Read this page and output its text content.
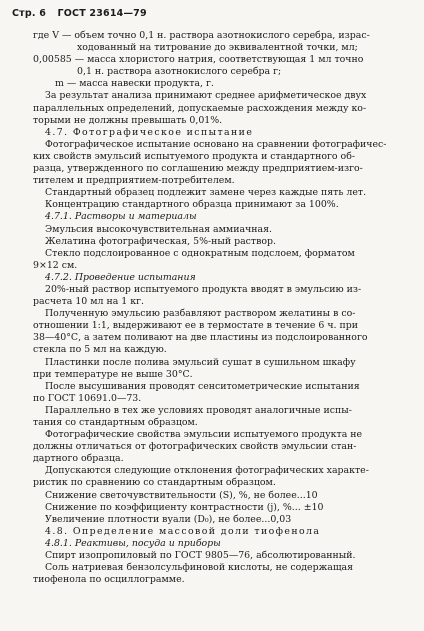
Стр. 6 ГОСТ 23614—79

где V — объем точно 0,1 н. раствора азотнокислого серебра, израс-

ходованный на титрование до эквивалентной точки, мл;

0,00585 — масса хлористого натрия, соответствующая 1 мл точно

0,1 н. раствора азотнокислого серебра г;

m — масса навески продукта, г.

За результат анализа принимают среднее арифметическое двух

параллельных определений, допускаемые расхождения между ко-

торыми не должны превышать 0,01%.

4.7. Фотографическое испытание

Фотографическое испытание основано на сравнении фотографичес-

ких свойств эмульсий испытуемого продукта и стандартного об-

разца, утвержденного по соглашению между предприятием-изго-

тителем и предприятием-потребителем.

Стандартный образец подлежит замене через каждые пять лет.

Концентрацию стандартного образца принимают за 100%.

4.7.1. Растворы и материалы

Эмульсия высокочувствительная аммиачная.

Желатина фотографическая, 5%-ный раствор.

Стекло подслоированное с однократным подслоем, форматом

9×12 см.

4.7.2. Проведение испытания

20%-ный раствор испытуемого продукта вводят в эмульсию из-

расчета 10 мл на 1 кг.

Полученную эмульсию разбавляют раствором желатины в со-

отношении 1:1, выдерживают ее в термостате в течение 6 ч. при

38—40°С, а затем поливают на две пластины из подслоированного

стекла по 5 мл на каждую.

Пластинки после полива эмульсий сушат в сушильном шкафу

при температуре не выше 30°С.

После высушивания проводят сенситометрические испытания

по ГОСТ 10691.0—73.

Параллельно в тех же условиях проводят аналогичные испы-

тания со стандартным образцом.

Фотографические свойства эмульсии испытуемого продукта не

должны отличаться от фотографических свойств эмульсии стан-

дартного образца.

Допускаются следующие отклонения фотографических характе-

ристик по сравнению со стандартным образцом.

Снижение светочувствительности (S), %, не более...10

Снижение по коэффициенту контрастности (j), %... ±10

Увеличение плотности вуали (D₀), не более...0,03

4.8. Определение массовой доли тиофенола

4.8.1. Реактивы, посуда и приборы

Спирт изопропиловый по ГОСТ 9805—76, абсолютированный.

Соль натриевая бензолсульфиновой кислоты, не содержащая

тиофенола по осциллограмме.
